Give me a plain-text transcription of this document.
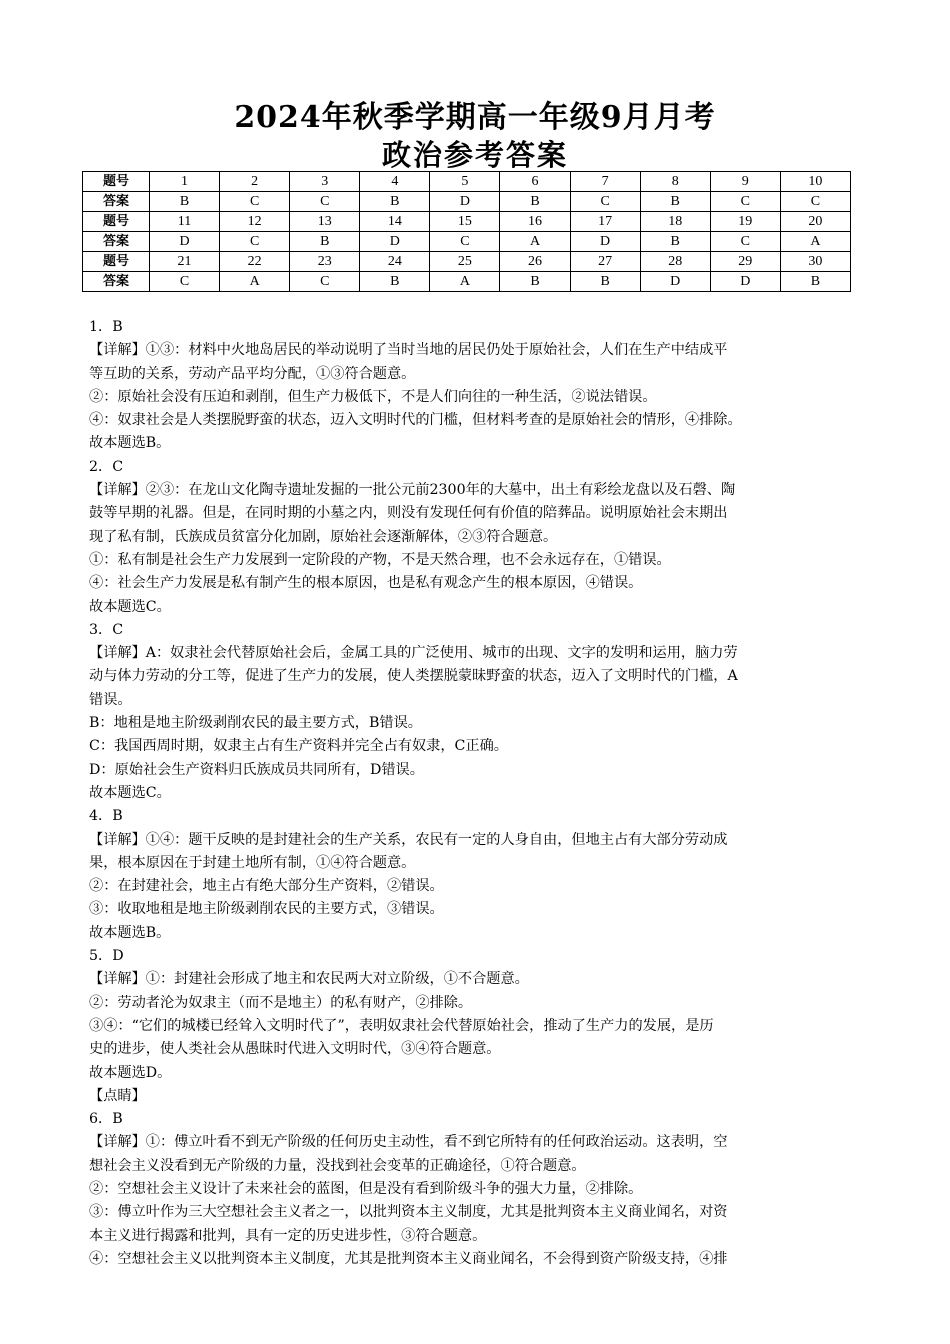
2024年秋季学期高一年级9月月考
政治参考答案
题号	1	2	3	4	5	6	7	8	9	10
答案	B	C	C	B	D	B	C	B	C	C
题号	11	12	13	14	15	16	17	18	19	20
答案	D	C	B	D	C	A	D	B	C	A
题号	21	22	23	24	25	26	27	28	29	30
答案	C	A	C	B	A	B	B	D	D	B

1．B

【详解】①③：材料中火地岛居民的举动说明了当时当地的居民仍处于原始社会，人们在生产中结成平

等互助的关系，劳动产品平均分配，①③符合题意。

②：原始社会没有压迫和剥削，但生产力极低下，不是人们向往的一种生活，②说法错误。

④：奴隶社会是人类摆脱野蛮的状态，迈入文明时代的门槛，但材料考查的是原始社会的情形，④排除。

故本题选B。

2．C

【详解】②③：在龙山文化陶寺遗址发掘的一批公元前2300年的大墓中，出土有彩绘龙盘以及石磬、陶

鼓等早期的礼器。但是，在同时期的小墓之内，则没有发现任何有价值的陪葬品。说明原始社会末期出

现了私有制，氏族成员贫富分化加剧，原始社会逐渐解体，②③符合题意。

①：私有制是社会生产力发展到一定阶段的产物，不是天然合理，也不会永远存在，①错误。

④：社会生产力发展是私有制产生的根本原因，也是私有观念产生的根本原因，④错误。

故本题选C。

3．C

【详解】A：奴隶社会代替原始社会后，金属工具的广泛使用、城市的出现、文字的发明和运用，脑力劳

动与体力劳动的分工等，促进了生产力的发展，使人类摆脱蒙昧野蛮的状态，迈入了文明时代的门槛，A

错误。

B：地租是地主阶级剥削农民的最主要方式，B错误。

C：我国西周时期，奴隶主占有生产资料并完全占有奴隶，C正确。

D：原始社会生产资料归氏族成员共同所有，D错误。

故本题选C。

4．B

【详解】①④：题干反映的是封建社会的生产关系，农民有一定的人身自由，但地主占有大部分劳动成

果，根本原因在于封建土地所有制，①④符合题意。

②：在封建社会，地主占有绝大部分生产资料，②错误。

③：收取地租是地主阶级剥削农民的主要方式，③错误。

故本题选B。

5．D

【详解】①：封建社会形成了地主和农民两大对立阶级，①不合题意。

②：劳动者沦为奴隶主（而不是地主）的私有财产，②排除。

③④：“它们的城楼已经耸入文明时代了”，表明奴隶社会代替原始社会，推动了生产力的发展，是历

史的进步，使人类社会从愚昧时代进入文明时代，③④符合题意。

故本题选D。

【点睛】

6．B

【详解】①：傅立叶看不到无产阶级的任何历史主动性，看不到它所特有的任何政治运动。这表明，空

想社会主义没看到无产阶级的力量，没找到社会变革的正确途径，①符合题意。

②：空想社会主义设计了未来社会的蓝图，但是没有看到阶级斗争的强大力量，②排除。

③：傅立叶作为三大空想社会主义者之一，以批判资本主义制度，尤其是批判资本主义商业闻名，对资

本主义进行揭露和批判，具有一定的历史进步性，③符合题意。

④：空想社会主义以批判资本主义制度，尤其是批判资本主义商业闻名，不会得到资产阶级支持，④排
